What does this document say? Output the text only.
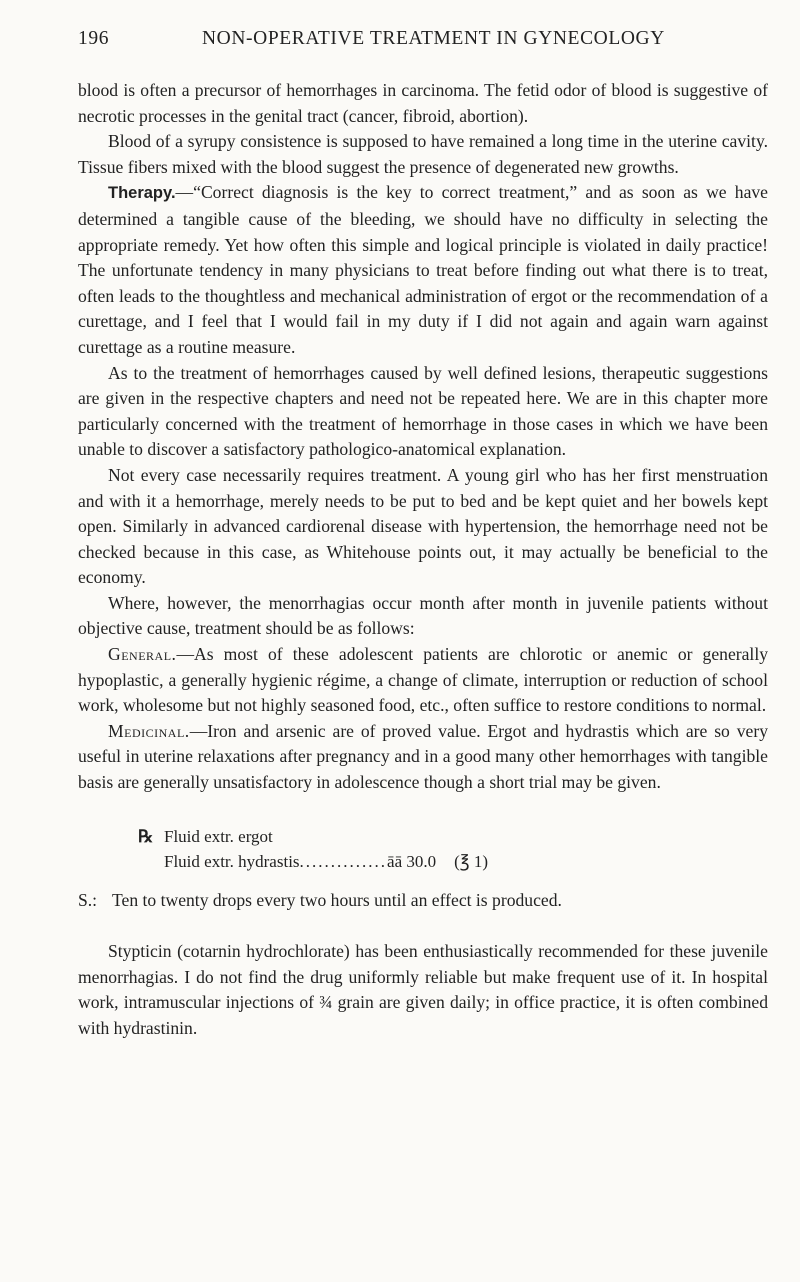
196	NON-OPERATIVE TREATMENT IN GYNECOLOGY

blood is often a precursor of hemorrhages in carcinoma. The fetid odor of blood is suggestive of necrotic processes in the genital tract (cancer, fibroid, abortion).

Blood of a syrupy consistence is supposed to have remained a long time in the uterine cavity. Tissue fibers mixed with the blood suggest the presence of degenerated new growths.

Therapy.—“Correct diagnosis is the key to correct treatment,” and as soon as we have determined a tangible cause of the bleeding, we should have no difficulty in selecting the appropriate remedy. Yet how often this simple and logical principle is violated in daily practice! The unfortunate tendency in many physicians to treat before finding out what there is to treat, often leads to the thoughtless and mechanical administration of ergot or the recommendation of a curettage, and I feel that I would fail in my duty if I did not again and again warn against curettage as a routine measure.

As to the treatment of hemorrhages caused by well defined lesions, therapeutic suggestions are given in the respective chapters and need not be repeated here. We are in this chapter more particularly concerned with the treatment of hemorrhage in those cases in which we have been unable to discover a satisfactory pathologico-anatomical explanation.

Not every case necessarily requires treatment. A young girl who has her first menstruation and with it a hemorrhage, merely needs to be put to bed and be kept quiet and her bowels kept open. Similarly in advanced cardiorenal disease with hypertension, the hemorrhage need not be checked because in this case, as Whitehouse points out, it may actually be beneficial to the economy.

Where, however, the menorrhagias occur month after month in juvenile patients without objective cause, treatment should be as follows:

General.—As most of these adolescent patients are chlorotic or anemic or generally hypoplastic, a generally hygienic régime, a change of climate, interruption or reduction of school work, wholesome but not highly seasoned food, etc., often suffice to restore conditions to normal.

Medicinal.—Iron and arsenic are of proved value. Ergot and hydrastis which are so very useful in uterine relaxations after pregnancy and in a good many other hemorrhages with tangible basis are generally unsatisfactory in adolescence though a short trial may be given.

℞ Fluid extr. ergot
Fluid extr. hydrastis .............. āā 30.0 (℥ 1)
S.: Ten to twenty drops every two hours until an effect is produced.

Stypticin (cotarnin hydrochlorate) has been enthusiastically recommended for these juvenile menorrhagias. I do not find the drug uniformly reliable but make frequent use of it. In hospital work, intramuscular injections of ¾ grain are given daily; in office practice, it is often combined with hydrastinin.
